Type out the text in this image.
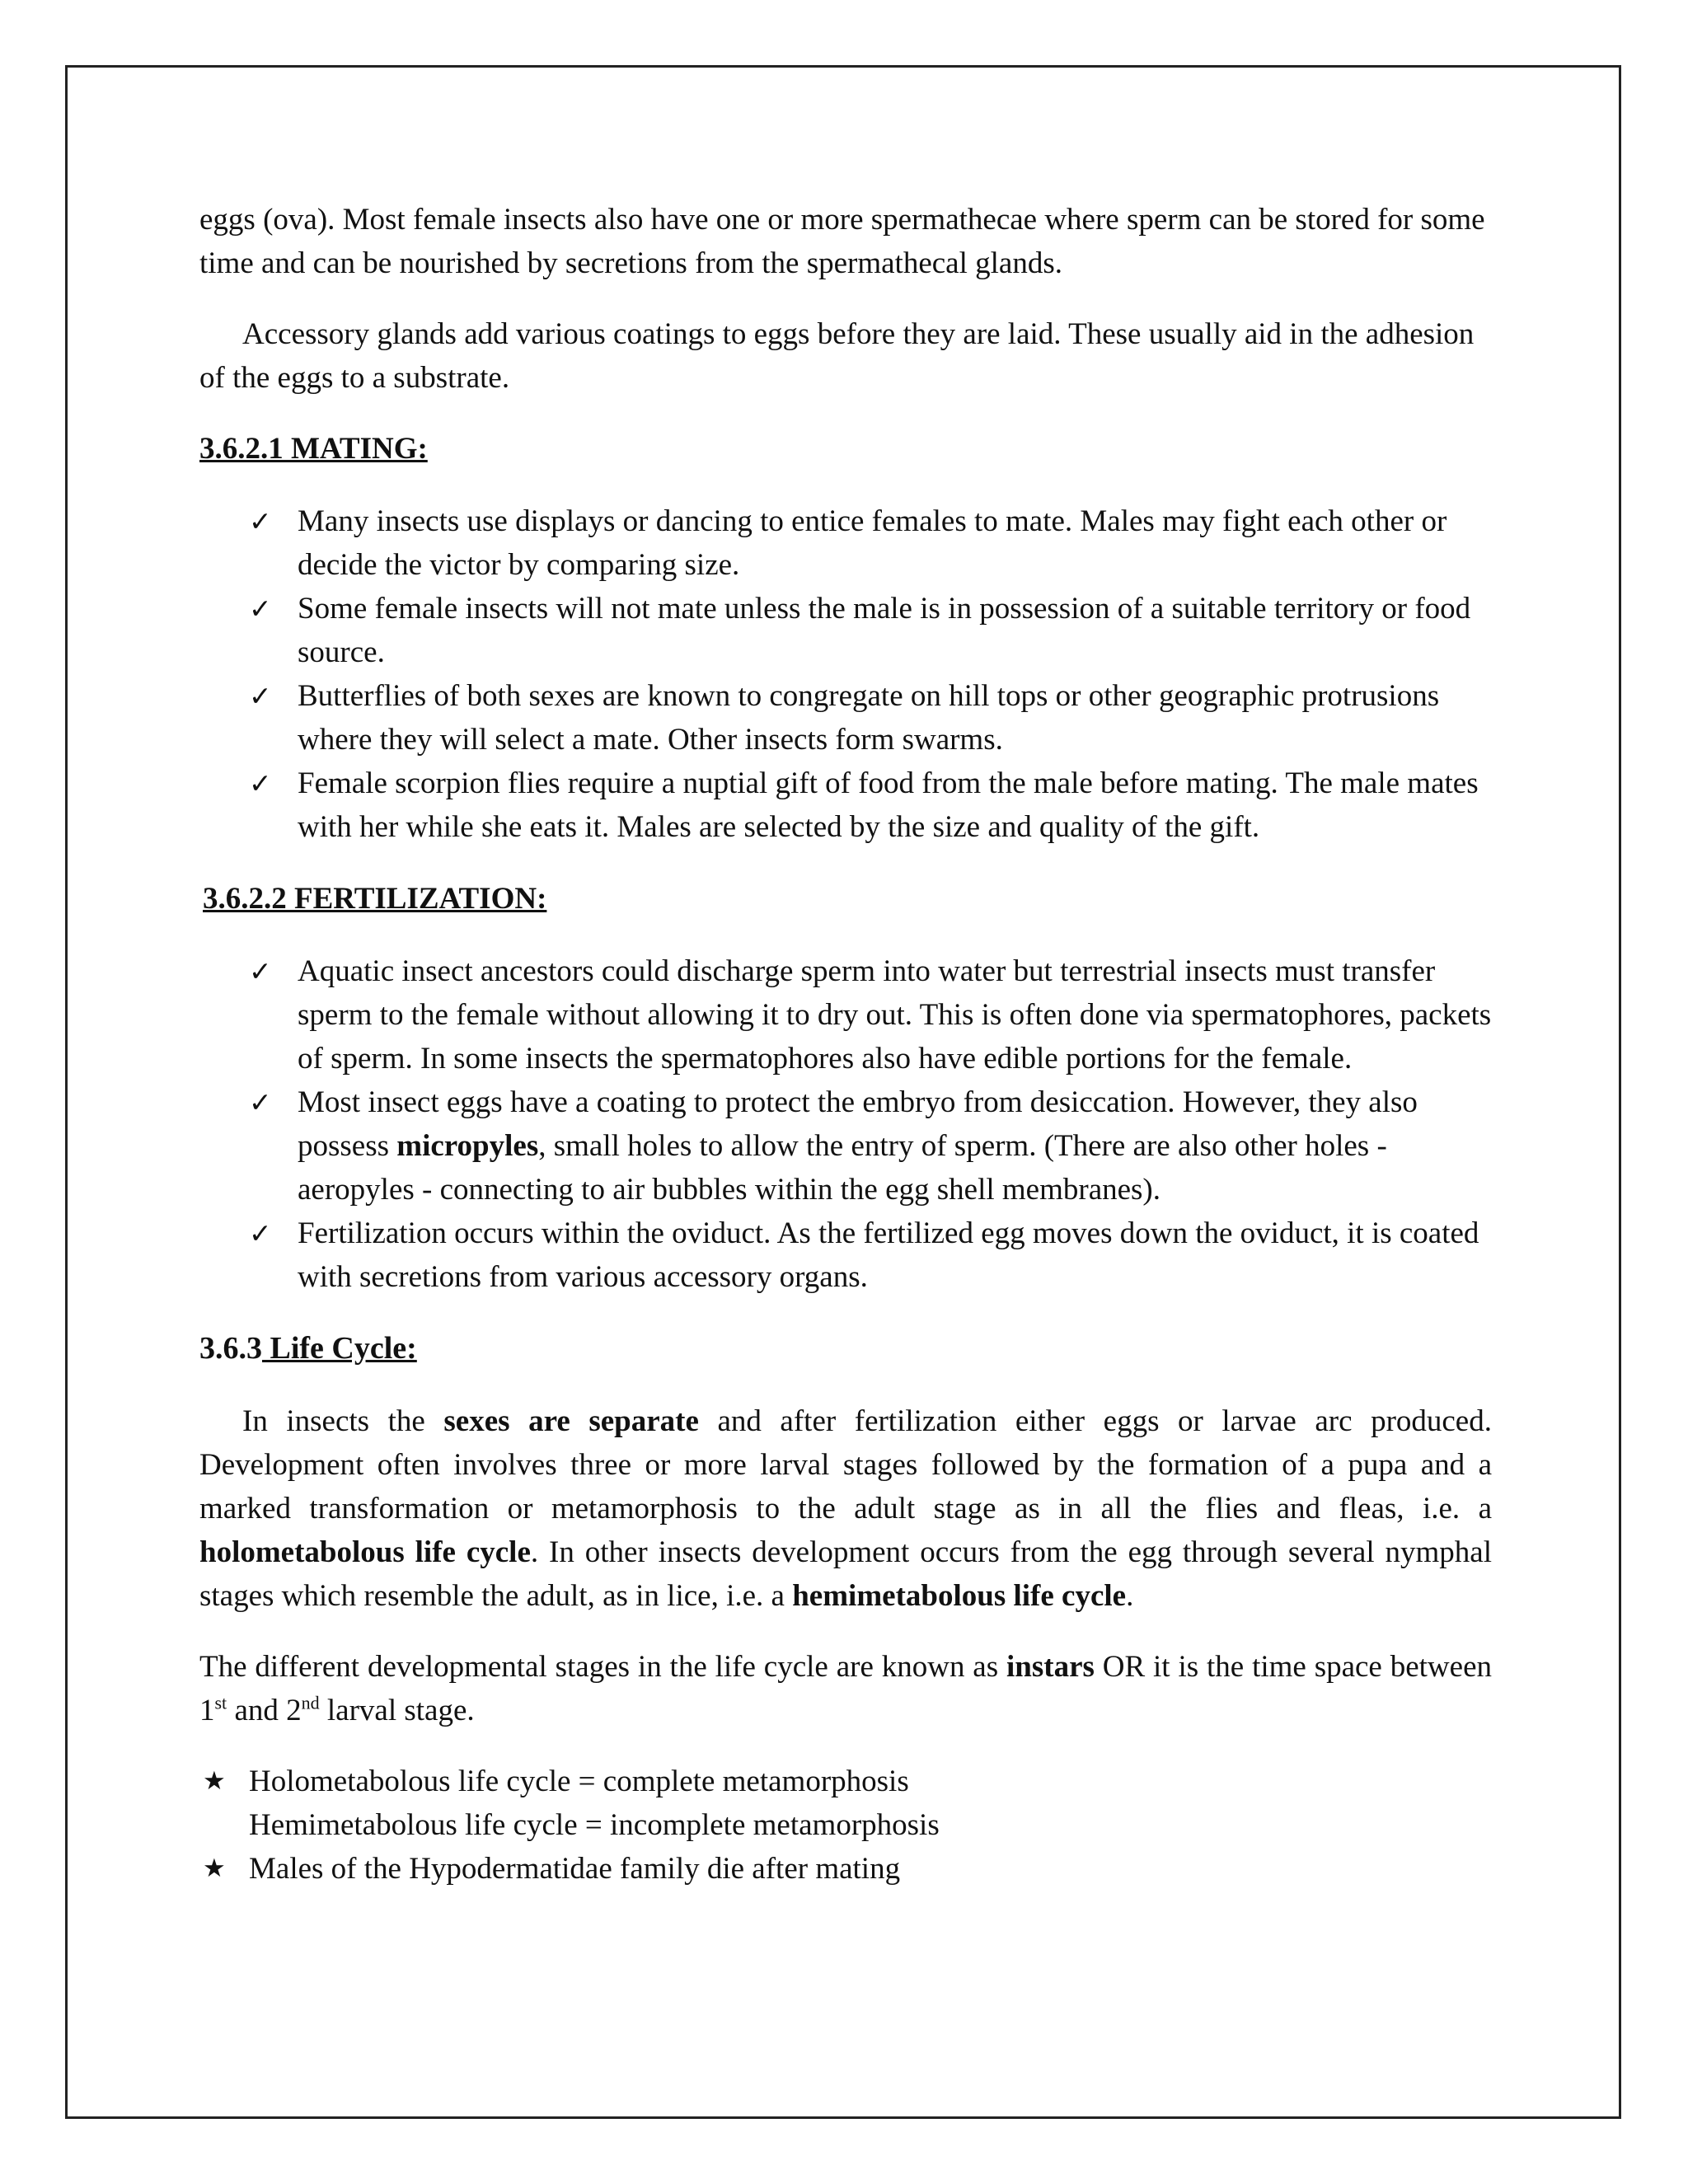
eggs (ova). Most female insects also have one or more spermathecae where sperm can be stored for some time and can be nourished by secretions from the spermathecal glands.

Accessory glands add various coatings to eggs before they are laid. These usually aid in the adhesion of the eggs to a substrate.

3.6.2.1 MATING:

✓ Many insects use displays or dancing to entice females to mate. Males may fight each other or decide the victor by comparing size.
✓ Some female insects will not mate unless the male is in possession of a suitable territory or food source.
✓ Butterflies of both sexes are known to congregate on hill tops or other geographic protrusions where they will select a mate. Other insects form swarms.
✓ Female scorpion flies require a nuptial gift of food from the male before mating. The male mates with her while she eats it. Males are selected by the size and quality of the gift.

3.6.2.2 FERTILIZATION:

✓ Aquatic insect ancestors could discharge sperm into water but terrestrial insects must transfer sperm to the female without allowing it to dry out. This is often done via spermatophores, packets of sperm. In some insects the spermatophores also have edible portions for the female.
✓ Most insect eggs have a coating to protect the embryo from desiccation. However, they also possess micropyles, small holes to allow the entry of sperm. (There are also other holes - aeropyles - connecting to air bubbles within the egg shell membranes).
✓ Fertilization occurs within the oviduct. As the fertilized egg moves down the oviduct, it is coated with secretions from various accessory organs.

3.6.3 Life Cycle:

In insects the sexes are separate and after fertilization either eggs or larvae arc produced. Development often involves three or more larval stages followed by the formation of a pupa and a marked transformation or metamorphosis to the adult stage as in all the flies and fleas, i.e. a holometabolous life cycle. In other insects development occurs from the egg through several nymphal stages which resemble the adult, as in lice, i.e. a hemimetabolous life cycle.

The different developmental stages in the life cycle are known as instars OR it is the time space between 1st and 2nd larval stage.

★ Holometabolous life cycle = complete metamorphosis
Hemimetabolous life cycle = incomplete metamorphosis
★ Males of the Hypodermatidae family die after mating
